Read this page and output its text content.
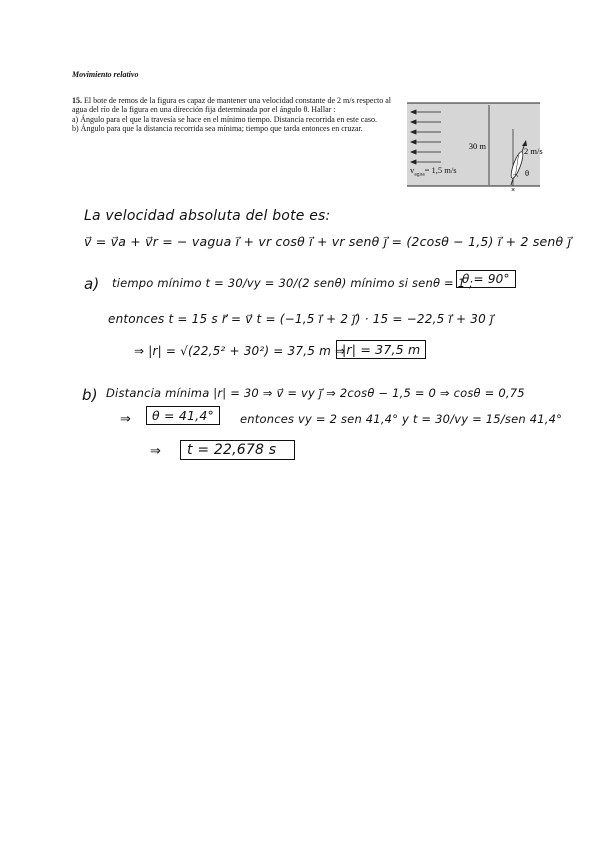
Movimiento relativo

15. El bote de remos de la figura es capaz de mantener una velocidad constante de 2 m/s respecto al agua del río de la figura en una dirección fija determinada por el ángulo θ. Hallar :

a) Ángulo para el que la travesía se hace en el mínimo tiempo. Distancia recorrida en este caso.

b) Ángulo para que la distancia recorrida sea mínima; tiempo que tarda entonces en cruzar.

30 m	2 m/s
θ
×
$v_{agua}= 1,5$ m/s
La velocidad absoluta del bote es:
v⃗ = v⃗a + v⃗r = − vagua i⃗ + vr cosθ i⃗ + vr senθ j⃗ = (2cosθ − 1,5) i⃗ + 2 senθ j⃗
a) tiempo mínimo t = 30/vy = 30/(2 senθ) mínimo si senθ = 1 ;
θ = 90°
entonces t = 15 s r⃗ = v⃗ t = (−1,5 i⃗ + 2 j⃗) · 15 = −22,5 i⃗ + 30 j⃗
⇒ |r| = √(22,5² + 30²) = 37,5 m ⇒
|r| = 37,5 m
b) Distancia mínima |r| = 30 ⇒ v⃗ = vy j⃗ ⇒ 2cosθ − 1,5 = 0 ⇒ cosθ = 0,75
⇒	θ = 41,4°	entonces vy = 2 sen 41,4° y t = 30/vy = 15/sen 41,4°
⇒	t = 22,678 s
